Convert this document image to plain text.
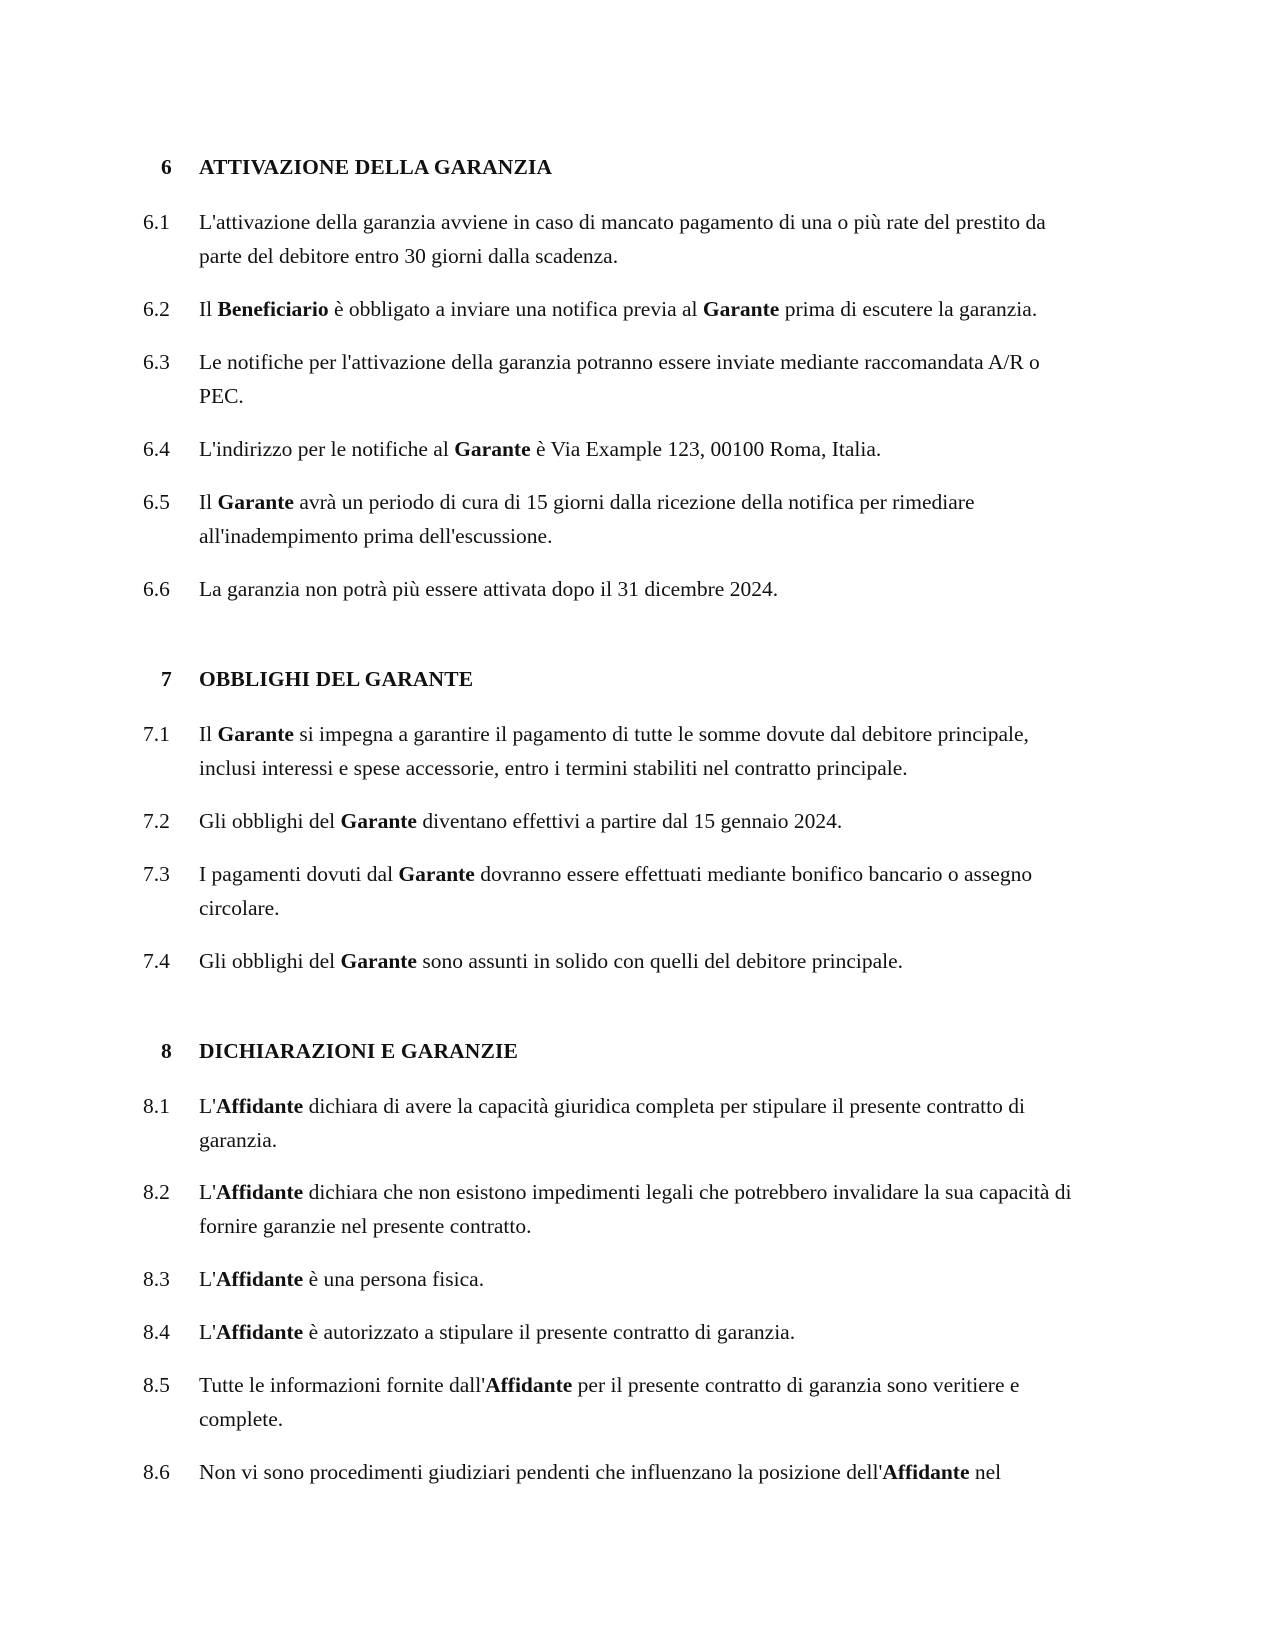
6	ATTIVAZIONE DELLA GARANZIA
6.1	L'attivazione della garanzia avviene in caso di mancato pagamento di una o più rate del prestito da parte del debitore entro 30 giorni dalla scadenza.
6.2	Il Beneficiario è obbligato a inviare una notifica previa al Garante prima di escutere la garanzia.
6.3	Le notifiche per l'attivazione della garanzia potranno essere inviate mediante raccomandata A/R o PEC.
6.4	L'indirizzo per le notifiche al Garante è Via Example 123, 00100 Roma, Italia.
6.5	Il Garante avrà un periodo di cura di 15 giorni dalla ricezione della notifica per rimediare all'inadempimento prima dell'escussione.
6.6	La garanzia non potrà più essere attivata dopo il 31 dicembre 2024.
7	OBBLIGHI DEL GARANTE
7.1	Il Garante si impegna a garantire il pagamento di tutte le somme dovute dal debitore principale, inclusi interessi e spese accessorie, entro i termini stabiliti nel contratto principale.
7.2	Gli obblighi del Garante diventano effettivi a partire dal 15 gennaio 2024.
7.3	I pagamenti dovuti dal Garante dovranno essere effettuati mediante bonifico bancario o assegno circolare.
7.4	Gli obblighi del Garante sono assunti in solido con quelli del debitore principale.
8	DICHIARAZIONI E GARANZIE
8.1	L'Affidante dichiara di avere la capacità giuridica completa per stipulare il presente contratto di garanzia.
8.2	L'Affidante dichiara che non esistono impedimenti legali che potrebbero invalidare la sua capacità di fornire garanzie nel presente contratto.
8.3	L'Affidante è una persona fisica.
8.4	L'Affidante è autorizzato a stipulare il presente contratto di garanzia.
8.5	Tutte le informazioni fornite dall'Affidante per il presente contratto di garanzia sono veritiere e complete.
8.6	Non vi sono procedimenti giudiziari pendenti che influenzano la posizione dell'Affidante nel
